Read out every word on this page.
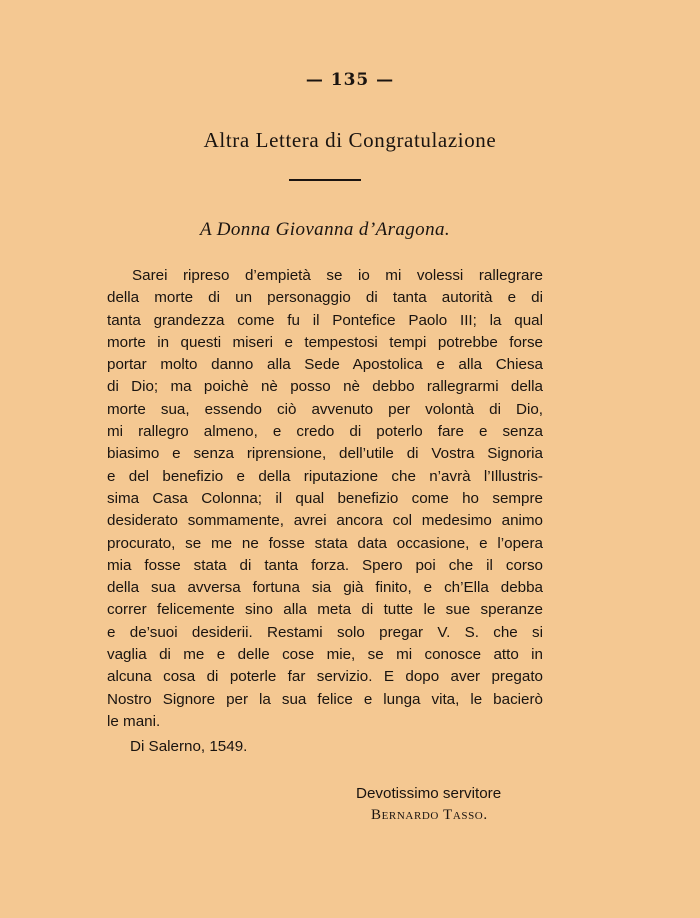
— 135 —
Altra Lettera di Congratulazione
A Donna Giovanna d’Aragona.
Sarei ripreso d’empietà se io mi volessi rallegrare
della morte di un personaggio di tanta autorità e di
tanta grandezza come fu il Pontefice Paolo III; la qual
morte in questi miseri e tempestosi tempi potrebbe forse
portar molto danno alla Sede Apostolica e alla Chiesa
di Dio; ma poichè nè posso nè debbo rallegrarmi della
morte sua, essendo ciò avvenuto per volontà di Dio,
mi rallegro almeno, e credo di poterlo fare e senza
biasimo e senza riprensione, dell’utile di Vostra Signoria
e del benefizio e della riputazione che n’avrà l’Illustris-
sima Casa Colonna; il qual benefizio come ho sempre
desiderato sommamente, avrei ancora col medesimo animo
procurato, se me ne fosse stata data occasione, e l’opera
mia fosse stata di tanta forza. Spero poi che il corso
della sua avversa fortuna sia già finito, e ch’Ella debba
correr felicemente sino alla meta di tutte le sue speranze
e de’suoi desiderii. Restami solo pregar V. S. che si
vaglia di me e delle cose mie, se mi conosce atto in
alcuna cosa di poterle far servizio. E dopo aver pregato
Nostro Signore per la sua felice e lunga vita, le bacierò
le mani.
Di Salerno, 1549.
Devotissimo servitore
Bernardo Tasso.
